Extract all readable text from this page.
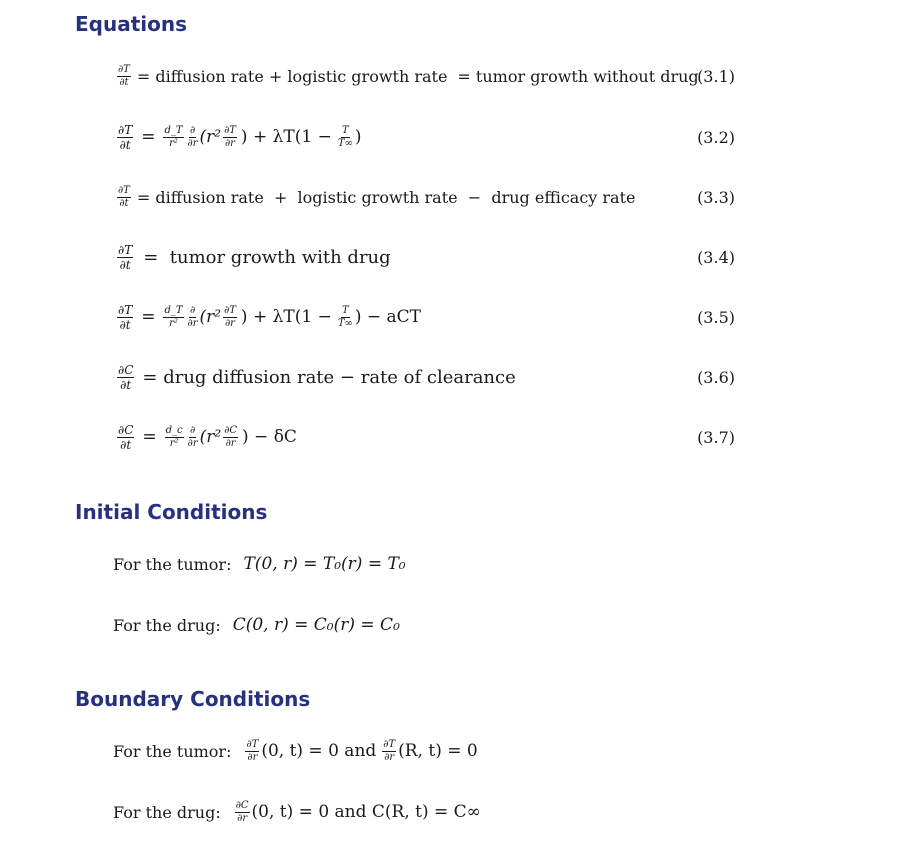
Equations
$\frac{\partial T}{\partial t}$ = diffusion rate + logistic growth rate = tumor growth without drug
(3.1)
$\frac{\partial T}{\partial t} = \frac{d\_T}{\text{r²}} \frac{\partial}{\partial r} (r^2 \frac{\partial T}{\partial r}$ ) + $\lambda T(1 - \frac{T}{T\infty}$ )	(3.2)
$\frac{\partial T}{\partial t}$ = diffusion rate  +  logistic growth rate  −  drug efficacy rate	(3.3)
$\frac{\partial T}{\partial t}$ =  tumor growth with drug	(3.4)
$\frac{\partial T}{\partial t} = \frac{d\_T}{\text{r²}} \frac{\partial}{\partial r} (r^2 \frac{\partial T}{\partial r}$ ) + $\lambda T(1 - \frac{T}{T\infty}$ ) − aCT	(3.5)
$\frac{\partial C}{\partial t}$ = drug diffusion rate − rate of clearance	(3.6)
$\frac{\partial C}{\partial t} = \frac{d\_c}{\text{r²}} \frac{\partial}{\partial r} (r^2 \frac{\partial C}{\partial r}$ ) − δC	(3.7)
Initial Conditions
For the tumor: T(0, r) = T₀(r) = T₀
For the drug: C(0, r) = C₀(r) = C₀
Boundary Conditions
For the tumor: $\frac{\partial T}{\partial r} (0$, t) = 0 and $\frac{\partial T}{\partial r} (R$, t) = 0
For the drug: $\frac{\partial C}{\partial r} (0$, t) = 0 and C(R, t) = C∞
